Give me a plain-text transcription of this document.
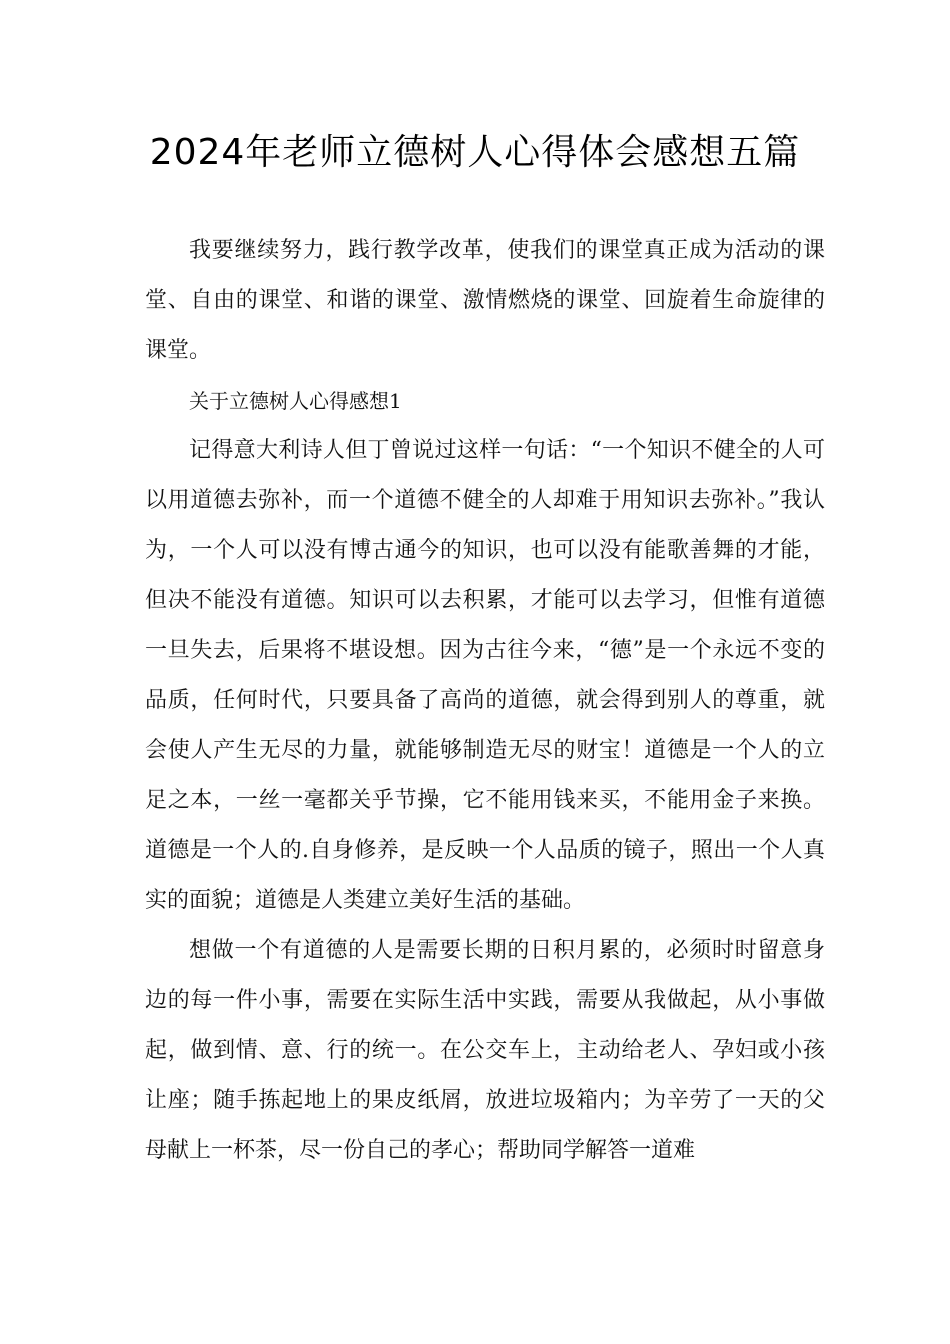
2024年老师立德树人心得体会感想五篇

我要继续努力，践行教学改革，使我们的课堂真正成为活动的课堂、自由的课堂、和谐的课堂、激情燃烧的课堂、回旋着生命旋律的课堂。

关于立德树人心得感想1

记得意大利诗人但丁曾说过这样一句话：“一个知识不健全的人可以用道德去弥补，而一个道德不健全的人却难于用知识去弥补。”我认为，一个人可以没有博古通今的知识，也可以没有能歌善舞的才能，但决不能没有道德。知识可以去积累，才能可以去学习，但惟有道德一旦失去，后果将不堪设想。因为古往今来，“德”是一个永远不变的品质，任何时代，只要具备了高尚的道德，就会得到别人的尊重，就会使人产生无尽的力量，就能够制造无尽的财宝！道德是一个人的立足之本，一丝一毫都关乎节操，它不能用钱来买，不能用金子来换。道德是一个人的.自身修养，是反映一个人品质的镜子，照出一个人真实的面貌；道德是人类建立美好生活的基础。

想做一个有道德的人是需要长期的日积月累的，必须时时留意身边的每一件小事，需要在实际生活中实践，需要从我做起，从小事做起，做到情、意、行的统一。在公交车上，主动给老人、孕妇或小孩让座；随手拣起地上的果皮纸屑，放进垃圾箱内；为辛劳了一天的父母献上一杯茶，尽一份自己的孝心；帮助同学解答一道难
